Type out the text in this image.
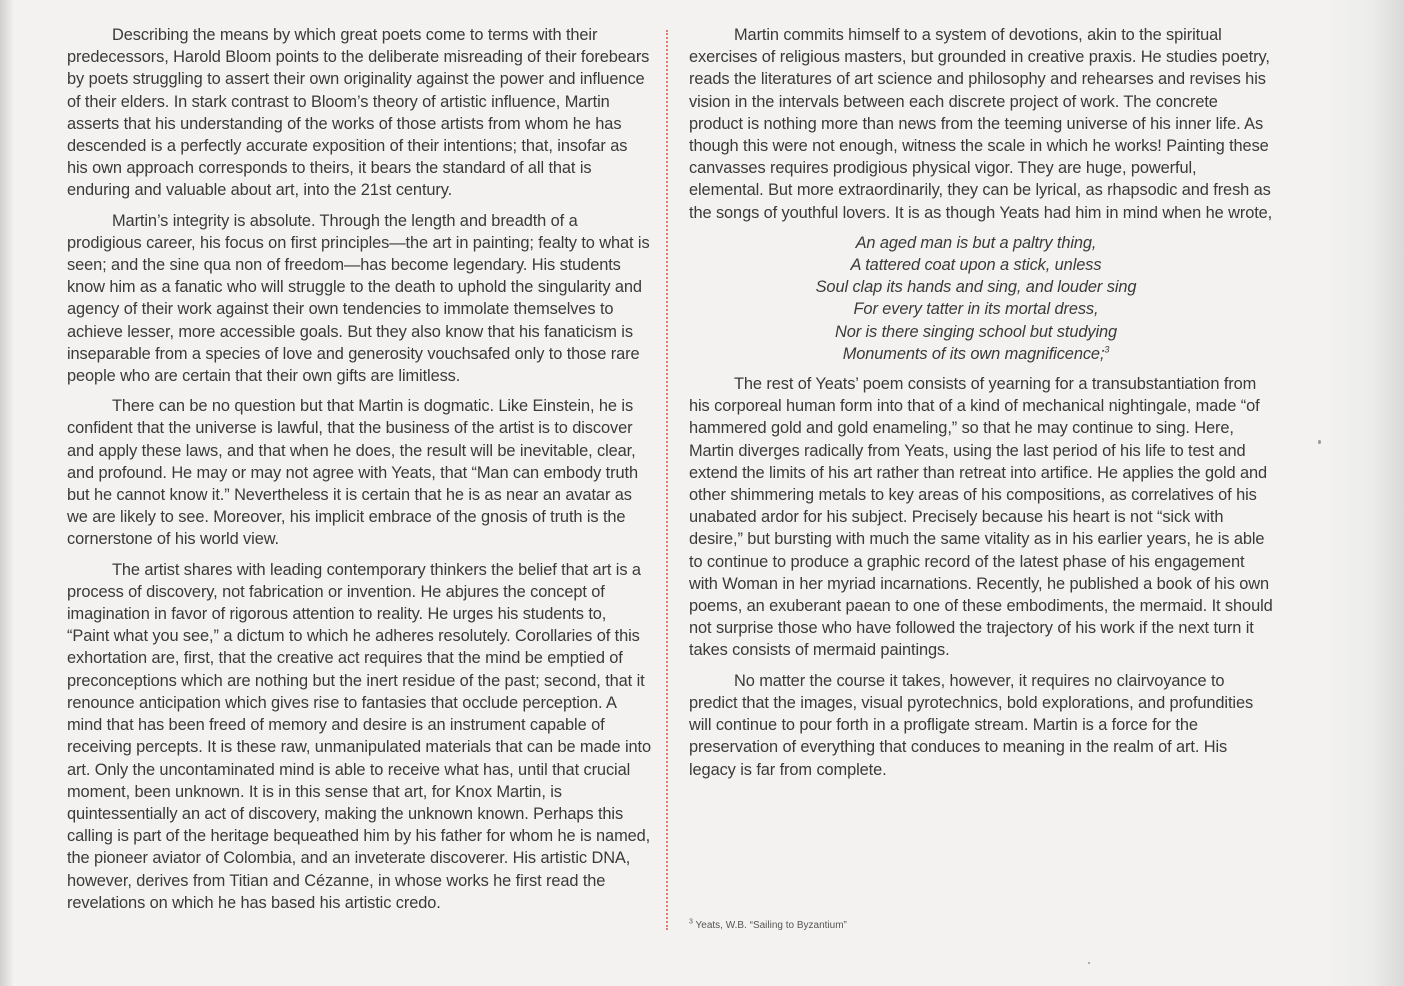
Describing the means by which great poets come to terms with their predecessors, Harold Bloom points to the deliberate misreading of their forebears by poets struggling to assert their own originality against the power and influence of their elders. In stark contrast to Bloom’s theory of artistic influence, Martin asserts that his understanding of the works of those artists from whom he has descended is a perfectly accurate exposition of their intentions; that, insofar as his own approach corresponds to theirs, it bears the standard of all that is enduring and valuable about art, into the 21st century.

Martin’s integrity is absolute. Through the length and breadth of a prodigious career, his focus on first principles—the art in painting; fealty to what is seen; and the sine qua non of freedom—has become legendary. His students know him as a fanatic who will struggle to the death to uphold the singularity and agency of their work against their own tendencies to immolate themselves to achieve lesser, more accessible goals. But they also know that his fanaticism is inseparable from a species of love and generosity vouchsafed only to those rare people who are certain that their own gifts are limitless.

There can be no question but that Martin is dogmatic. Like Einstein, he is confident that the universe is lawful, that the business of the artist is to discover and apply these laws, and that when he does, the result will be inevitable, clear, and profound. He may or may not agree with Yeats, that “Man can embody truth but he cannot know it.” Nevertheless it is certain that he is as near an avatar as we are likely to see. Moreover, his implicit embrace of the gnosis of truth is the cornerstone of his world view.

The artist shares with leading contemporary thinkers the belief that art is a process of discovery, not fabrication or invention. He abjures the concept of imagination in favor of rigorous attention to reality. He urges his students to, “Paint what you see,” a dictum to which he adheres resolutely. Corollaries of this exhortation are, first, that the creative act requires that the mind be emptied of preconceptions which are nothing but the inert residue of the past; second, that it renounce anticipation which gives rise to fantasies that occlude perception. A mind that has been freed of memory and desire is an instrument capable of receiving percepts. It is these raw, unmanipulated materials that can be made into art. Only the uncontaminated mind is able to receive what has, until that crucial moment, been unknown. It is in this sense that art, for Knox Martin, is quintessentially an act of discovery, making the unknown known. Perhaps this calling is part of the heritage bequeathed him by his father for whom he is named, the pioneer aviator of Colombia, and an inveterate discoverer. His artistic DNA, however, derives from Titian and Cézanne, in whose works he first read the revelations on which he has based his artistic credo.

Martin commits himself to a system of devotions, akin to the spiritual exercises of religious masters, but grounded in creative praxis. He studies poetry, reads the literatures of art science and philosophy and rehearses and revises his vision in the intervals between each discrete project of work. The concrete product is nothing more than news from the teeming universe of his inner life. As though this were not enough, witness the scale in which he works! Painting these canvasses requires prodigious physical vigor. They are huge, powerful, elemental. But more extraordinarily, they can be lyrical, as rhapsodic and fresh as the songs of youthful lovers. It is as though Yeats had him in mind when he wrote,

An aged man is but a paltry thing,
A tattered coat upon a stick, unless
Soul clap its hands and sing, and louder sing
For every tatter in its mortal dress,
Nor is there singing school but studying
Monuments of its own magnificence;$^3$

The rest of Yeats’ poem consists of yearning for a transubstantiation from his corporeal human form into that of a kind of mechanical nightingale, made “of hammered gold and gold enameling,” so that he may continue to sing. Here, Martin diverges radically from Yeats, using the last period of his life to test and extend the limits of his art rather than retreat into artifice. He applies the gold and other shimmering metals to key areas of his compositions, as correlatives of his unabated ardor for his subject. Precisely because his heart is not “sick with desire,” but bursting with much the same vitality as in his earlier years, he is able to continue to produce a graphic record of the latest phase of his engagement with Woman in her myriad incarnations. Recently, he published a book of his own poems, an exuberant paean to one of these embodiments, the mermaid. It should not surprise those who have followed the trajectory of his work if the next turn it takes consists of mermaid paintings.

No matter the course it takes, however, it requires no clairvoyance to predict that the images, visual pyrotechnics, bold explorations, and profundities will continue to pour forth in a profligate stream. Martin is a force for the preservation of everything that conduces to meaning in the realm of art. His legacy is far from complete.

$^3$ Yeats, W.B. “Sailing to Byzantium”
